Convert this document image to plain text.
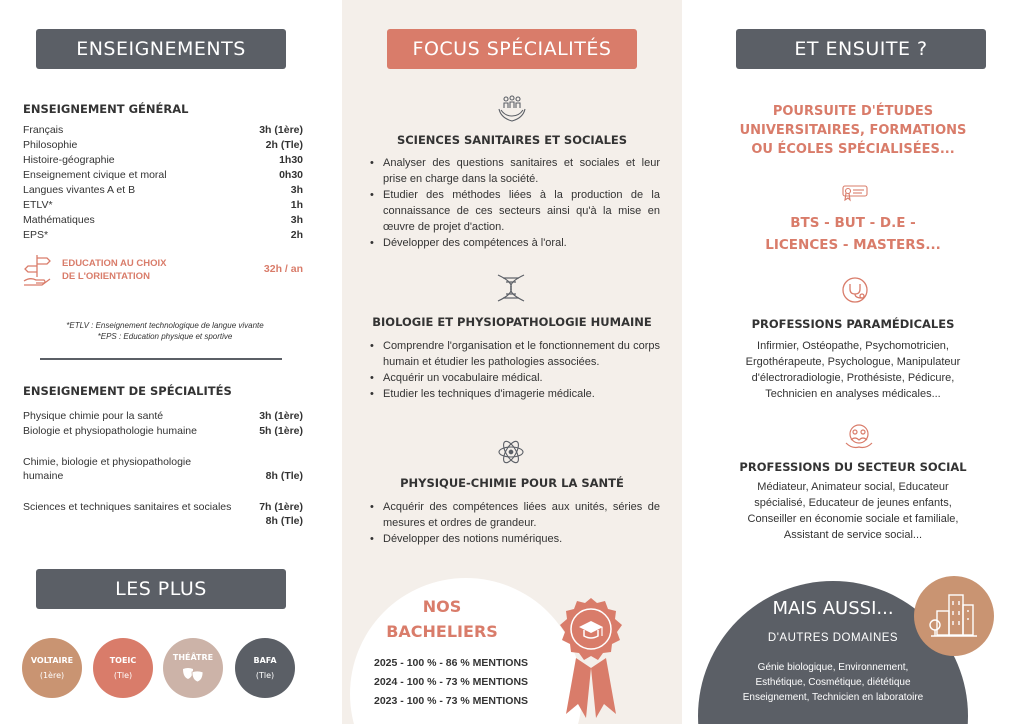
ENSEIGNEMENTS
ENSEIGNEMENT GÉNÉRAL
Français	3h (1ère)
Philosophie	2h (Tle)
Histoire-géographie	1h30
Enseignement civique et moral	0h30
Langues vivantes A et B	3h
ETLV*	1h
Mathématiques	3h
EPS*	2h
EDUCATION AU CHOIX
DE L'ORIENTATION
32h / an
*ETLV : Enseignement technologique de langue vivante
*EPS : Education physique et sportive
ENSEIGNEMENT DE SPÉCIALITÉS
Physique chimie pour la santé	3h (1ère)
Biologie et physiopathologie humaine	5h (1ère)
Chimie, biologie et physiopathologie humaine	8h (Tle)
Sciences et techniques sanitaires et sociales	7h (1ère)
8h (Tle)
LES PLUS
VOLTAIRE
(1ère)
TOEIC
(Tle)
THÉÂTRE	BAFA
(Tle)
FOCUS SPÉCIALITÉS
SCIENCES SANITAIRES ET SOCIALES
• Analyser des questions sanitaires et sociales et leur prise en charge dans la société.
• Etudier des méthodes liées à la production de la connaissance de ces secteurs ainsi qu'à la mise en œuvre de projet d'action.
• Développer des compétences à l'oral.
BIOLOGIE ET PHYSIOPATHOLOGIE HUMAINE
• Comprendre l'organisation et le fonctionnement du corps humain et étudier les pathologies associées.
• Acquérir un vocabulaire médical.
• Etudier les techniques d'imagerie médicale.
PHYSIQUE-CHIMIE POUR LA SANTÉ
• Acquérir des compétences liées aux unités, séries de mesures et ordres de grandeur.
• Développer des notions numériques.
NOS
BACHELIERS
2025 - 100 % - 86 % MENTIONS
2024 - 100 % - 73 % MENTIONS
2023 - 100 % - 73 % MENTIONS
ET ENSUITE ?
POURSUITE D'ÉTUDES
UNIVERSITAIRES, FORMATIONS
OU ÉCOLES SPÉCIALISÉES...
BTS - BUT - D.E -
LICENCES - MASTERS...
PROFESSIONS PARAMÉDICALES
Infirmier, Ostéopathe, Psychomotricien,
Ergothérapeute, Psychologue, Manipulateur
d'électroradiologie, Prothésiste, Pédicure,
Technicien en analyses médicales...
PROFESSIONS DU SECTEUR SOCIAL
Médiateur, Animateur social, Educateur
spécialisé, Educateur de jeunes enfants,
Conseiller en économie sociale et familiale,
Assistant de service social...
MAIS AUSSI...
D'AUTRES DOMAINES
Génie biologique, Environnement,
Esthétique, Cosmétique, diététique
Enseignement, Technicien en laboratoire
